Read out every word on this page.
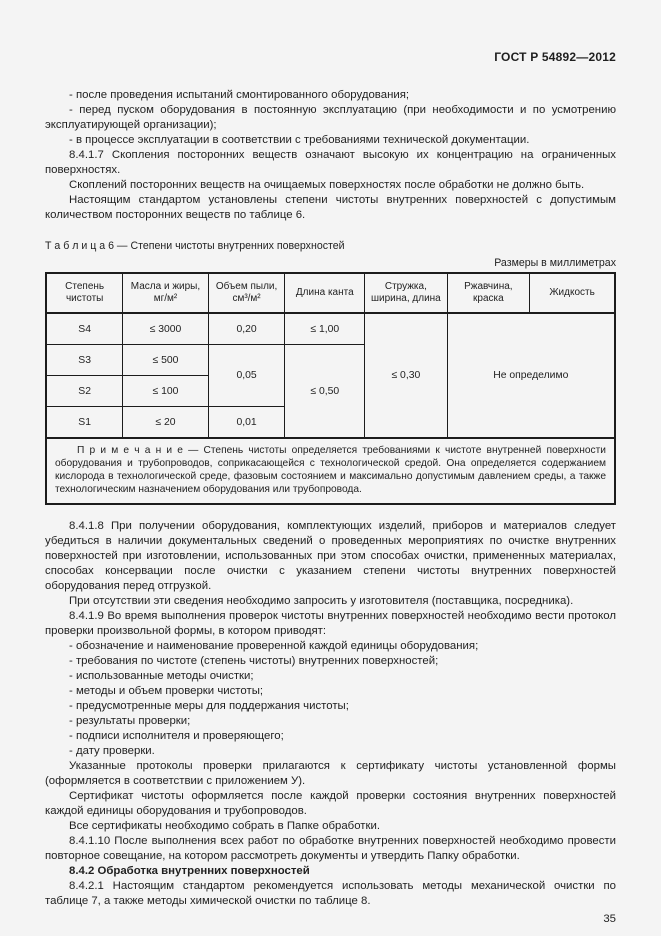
ГОСТ Р 54892—2012

- после проведения испытаний смонтированного оборудования;

- перед пуском оборудования в постоянную эксплуатацию (при необходимости и по усмотрению эксплуатирующей организации);

- в процессе эксплуатации в соответствии с требованиями технической документации.

8.4.1.7 Скопления посторонних веществ означают высокую их концентрацию на ограниченных поверхностях.

Скоплений посторонних веществ на очищаемых поверхностях после обработки не должно быть.

Настоящим стандартом установлены степени чистоты внутренних поверхностей с допустимым количеством посторонних веществ по таблице 6.

Т а б л и ц а 6 — Степени чистоты внутренних поверхностей

Размеры в миллиметрах

Степень чистоты	Масла и жиры, мг/м²	Объем пыли, см³/м²	Длина канта	Стружка, ширина, длина	Ржавчина, краска	Жидкость
S4	≤ 3000	0,20	≤ 1,00	≤ 0,30	Не определимо	
S3	≤ 500	0,05	≤ 0,50			
S2	≤ 100					
S1	≤ 20	0,01				

П р и м е ч а н и е — Степень чистоты определяется требованиями к чистоте внутренней поверхности оборудования и трубопроводов, соприкасающейся с технологической средой. Она определяется содержанием кислорода в технологической среде, фазовым состоянием и максимально допустимым давлением среды, а также технологическим назначением оборудования или трубопровода.						

8.4.1.8 При получении оборудования, комплектующих изделий, приборов и материалов следует убедиться в наличии документальных сведений о проведенных мероприятиях по очистке внутренних поверхностей при изготовлении, использованных при этом способах очистки, примененных материалах, способах консервации после очистки с указанием степени чистоты внутренних поверхностей оборудования перед отгрузкой.

При отсутствии эти сведения необходимо запросить у изготовителя (поставщика, посредника).

8.4.1.9 Во время выполнения проверок чистоты внутренних поверхностей необходимо вести протокол проверки произвольной формы, в котором приводят:

- обозначение и наименование проверенной каждой единицы оборудования;

- требования по чистоте (степень чистоты) внутренних поверхностей;

- использованные методы очистки;

- методы и объем проверки чистоты;

- предусмотренные меры для поддержания чистоты;

- результаты проверки;

- подписи исполнителя и проверяющего;

- дату проверки.

Указанные протоколы проверки прилагаются к сертификату чистоты установленной формы (оформляется в соответствии с приложением У).

Сертификат чистоты оформляется после каждой проверки состояния внутренних поверхностей каждой единицы оборудования и трубопроводов.

Все сертификаты необходимо собрать в Папке обработки.

8.4.1.10 После выполнения всех работ по обработке внутренних поверхностей необходимо провести повторное совещание, на котором рассмотреть документы и утвердить Папку обработки.

8.4.2 Обработка внутренних поверхностей

8.4.2.1 Настоящим стандартом рекомендуется использовать методы механической очистки по таблице 7, а также методы химической очистки по таблице 8.

35
